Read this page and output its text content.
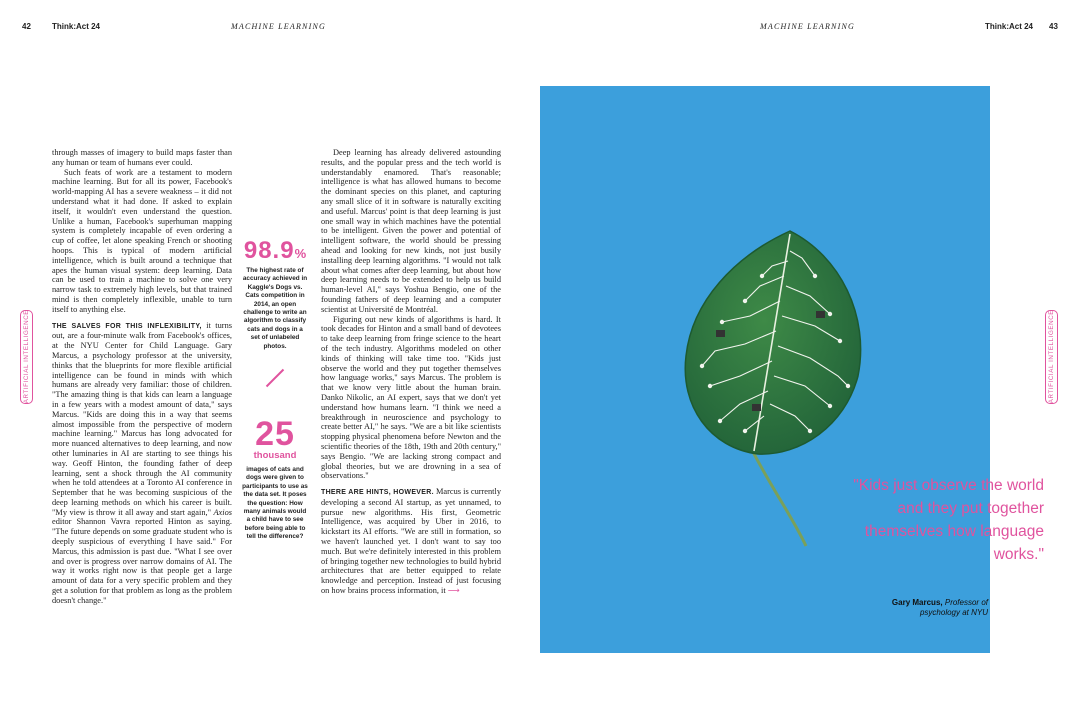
42	Think:Act 24	MACHINE LEARNING	MACHINE LEARNING	Think:Act 24 43
ARTIFICIAL INTELLIGENCE	ARTIFICIAL INTELLIGENCE

through masses of imagery to build maps faster than any human or team of humans ever could.

Such feats of work are a testament to modern machine learning. But for all its power, Facebook's world-mapping AI has a severe weakness – it did not understand what it had done. If asked to explain itself, it wouldn't even understand the question. Unlike a human, Facebook's superhuman mapping system is completely incapable of even ordering a cup of coffee, let alone speaking French or shooting hoops. This is typical of modern artificial intelligence, which is built around a technique that apes the human visual system: deep learning. Data can be used to train a machine to solve one very narrow task to extremely high levels, but that trained mind is then completely inflexible, unable to turn itself to anything else.

THE SALVES FOR THIS INFLEXIBILITY, it turns out, are a four-minute walk from Facebook's offices, at the NYU Center for Child Language. Gary Marcus, a psychology professor at the university, thinks that the blueprints for more flexible artificial intelligence can be found in minds with which humans are already very familiar: those of children. "The amazing thing is that kids can learn a language in a few years with a modest amount of data," says Marcus. "Kids are doing this in a way that seems almost impossible from the perspective of modern machine learning." Marcus has long advocated for more nuanced alternatives to deep learning, and now other luminaries in AI are starting to see things his way. Geoff Hinton, the founding father of deep learning, sent a shock through the AI community when he told attendees at a Toronto AI conference in September that he was becoming suspicious of the deep learning methods on which his career is built. "My view is throw it all away and start again," Axios editor Shannon Vavra reported Hinton as saying. "The future depends on some graduate student who is deeply suspicious of everything I have said." For Marcus, this admission is past due. "What I see over and over is progress over narrow domains of AI. The way it works right now is that people get a large amount of data for a very specific problem and they get a solution for that problem as long as the problem doesn't change."

98.9%
The highest rate of accuracy achieved in Kaggle's Dogs vs. Cats competition in 2014, an open challenge to write an algorithm to classify cats and dogs in a set of unlabeled photos.
25
thousand
images of cats and dogs were given to participants to use as the data set. It poses the question: How many animals would a child have to see before being able to tell the difference?

Deep learning has already delivered astounding results, and the popular press and the tech world is understandably enamored. That's reasonable; intelligence is what has allowed humans to become the dominant species on this planet, and capturing any small slice of it in software is naturally exciting and useful. Marcus' point is that deep learning is just one small way in which machines have the potential to be intelligent. Given the power and potential of intelligent software, the world should be pressing ahead and looking for new kinds, not just busily installing deep learning algorithms. "I would not talk about what comes after deep learning, but about how deep learning needs to be extended to help us build human-level AI," says Yoshua Bengio, one of the founding fathers of deep learning and a computer scientist at Université de Montréal.

Figuring out new kinds of algorithms is hard. It took decades for Hinton and a small band of devotees to take deep learning from fringe science to the heart of the tech industry. Algorithms modeled on other kinds of thinking will take time too. "Kids just observe the world and they put together themselves how language works," says Marcus. The problem is that we know very little about the human brain. Danko Nikolic, an AI expert, says that we don't yet understand how humans learn. "I think we need a breakthrough in neuroscience and psychology to create better AI," he says. "We are a bit like scientists stopping physical phenomena before Newton and the scientific theories of the 18th, 19th and 20th century," says Bengio. "We are lacking strong compact and global theories, but we are drowning in a sea of observations."

THERE ARE HINTS, HOWEVER. Marcus is currently developing a second AI startup, as yet unnamed, to pursue new algorithms. His first, Geometric Intelligence, was acquired by Uber in 2016, to kickstart its AI efforts. "We are still in formation, so we haven't launched yet. I don't want to say too much. But we're definitely interested in this problem of bringing together new technologies to build hybrid architectures that are better equipped to relate knowledge and perception. Instead of just focusing on how brains process information, it ⟶

"Kids just observe the world and they put together themselves how language works."
Gary Marcus, Professor of psychology at NYU
